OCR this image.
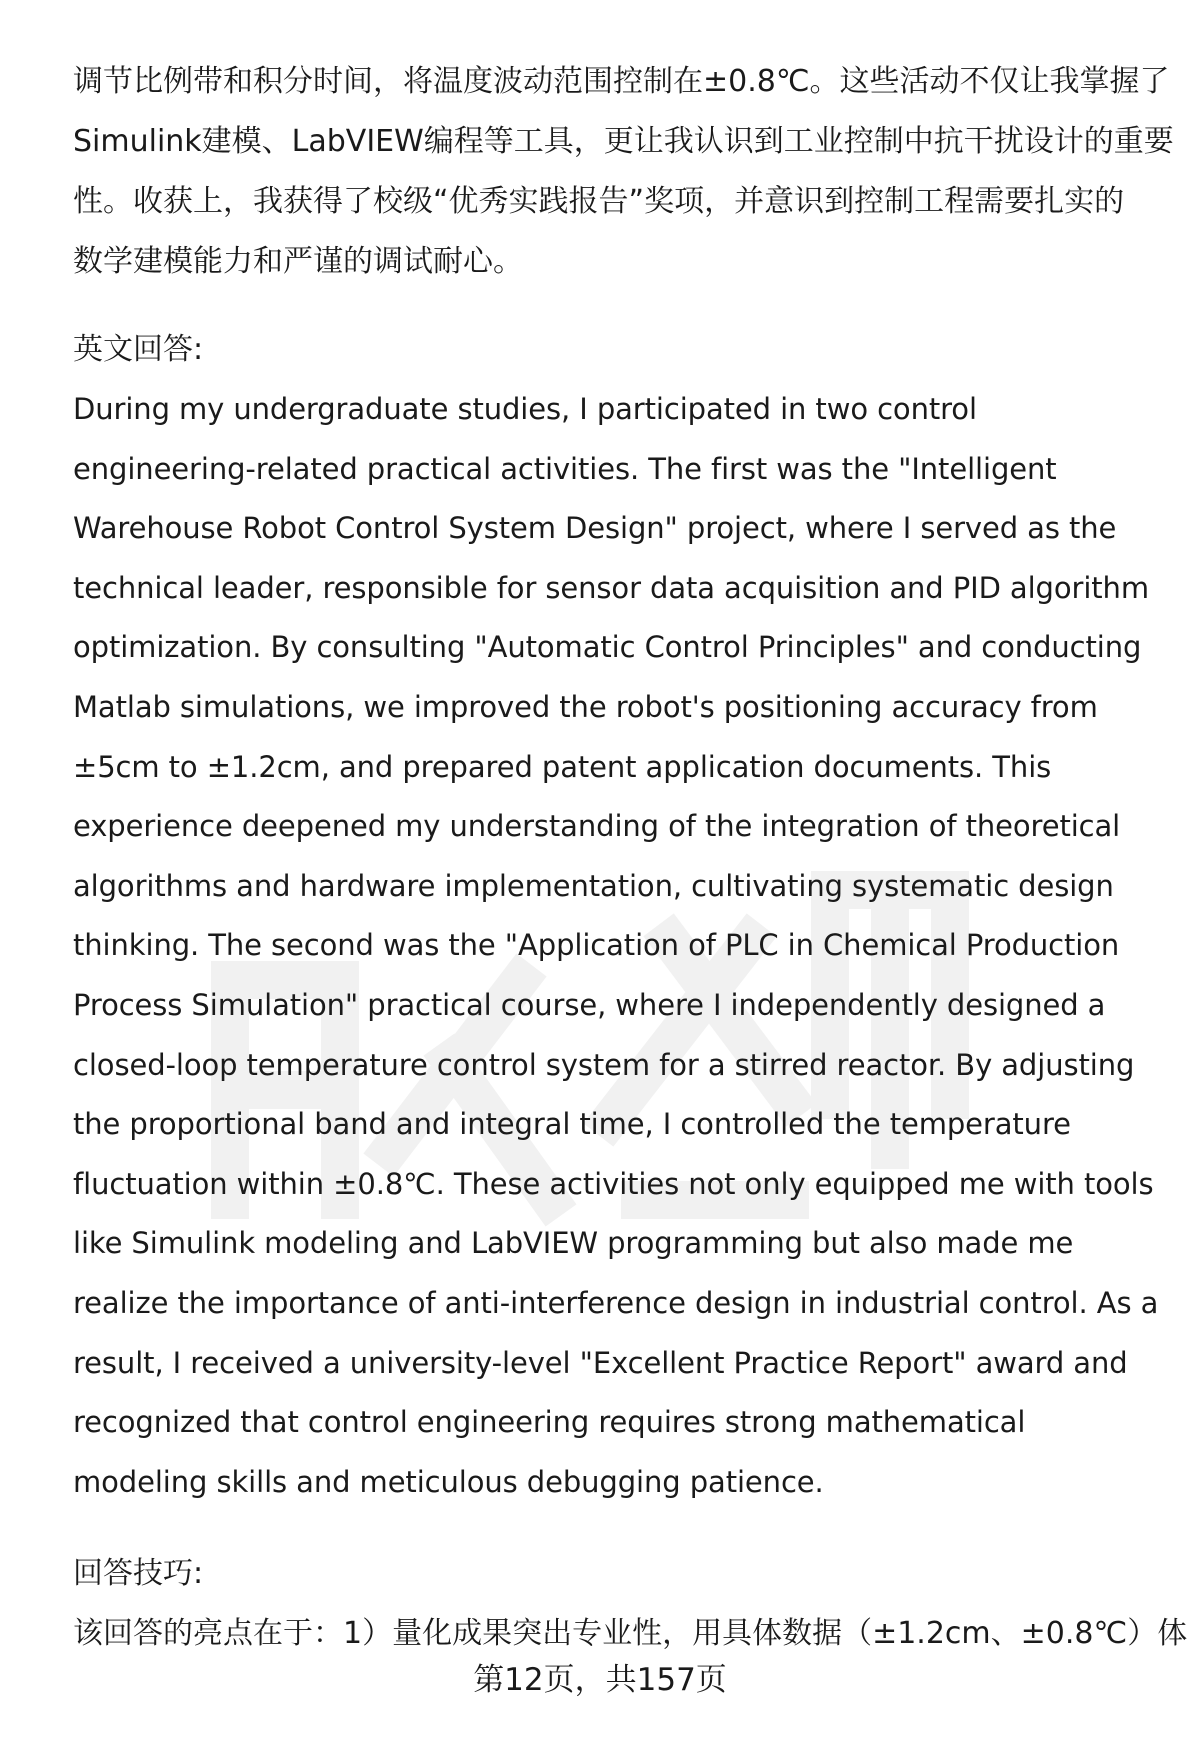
调节比例带和积分时间，将温度波动范围控制在±0.8℃。这些活动不仅让我掌握了
Simulink建模、LabVIEW编程等工具，更让我认识到工业控制中抗干扰设计的重要
性。收获上，我获得了校级“优秀实践报告”奖项，并意识到控制工程需要扎实的
数学建模能力和严谨的调试耐心。
英文回答:
During my undergraduate studies, I participated in two control
engineering-related practical activities. The first was the "Intelligent
Warehouse Robot Control System Design" project, where I served as the
technical leader, responsible for sensor data acquisition and PID algorithm
optimization. By consulting "Automatic Control Principles" and conducting
Matlab simulations, we improved the robot's positioning accuracy from
±5cm to ±1.2cm, and prepared patent application documents. This
experience deepened my understanding of the integration of theoretical
algorithms and hardware implementation, cultivating systematic design
thinking. The second was the "Application of PLC in Chemical Production
Process Simulation" practical course, where I independently designed a
closed-loop temperature control system for a stirred reactor. By adjusting
the proportional band and integral time, I controlled the temperature
fluctuation within ±0.8℃. These activities not only equipped me with tools
like Simulink modeling and LabVIEW programming but also made me
realize the importance of anti-interference design in industrial control. As a
result, I received a university-level "Excellent Practice Report" award and
recognized that control engineering requires strong mathematical
modeling skills and meticulous debugging patience.
回答技巧:
该回答的亮点在于：1）量化成果突出专业性，用具体数据（±1.2cm、±0.8℃）体
第12页，共157页
